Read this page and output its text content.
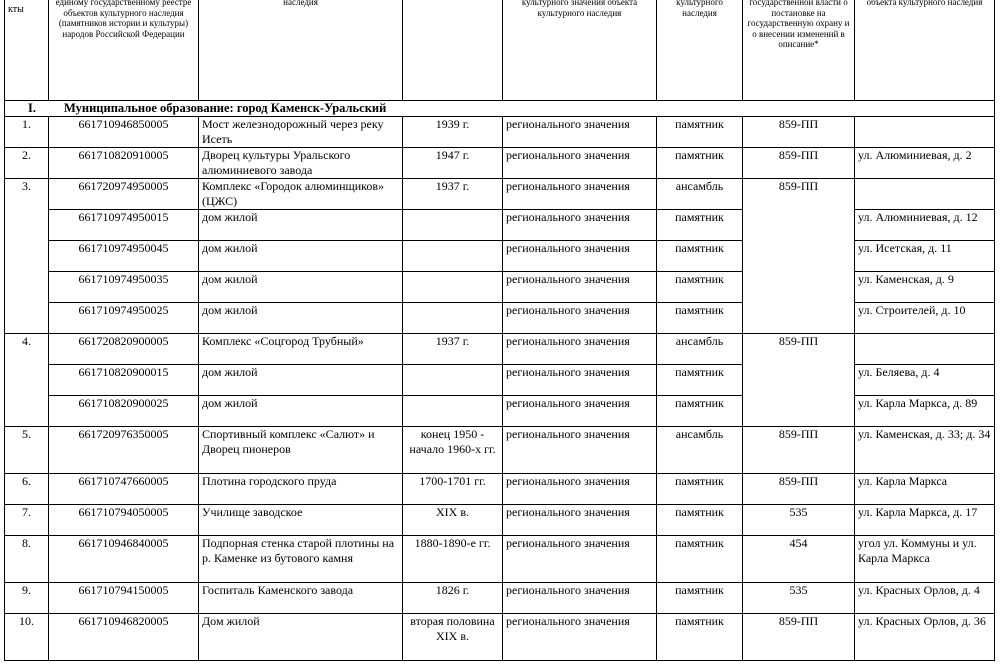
кты	единому государственному реестре объектов культурного наследия (памятников истории и культуры) народов Российской Федерации	наследия		культурного значения объекта культурного наследия	культурного наследия	государственной власти о постановке на государственную охрану и о внесении изменений в описание*	объекта культурного наследия
I. Муниципальное образование: город Каменск-Уральский							
1.	661710946850005	Мост железнодорожный через реку Исеть	1939 г.	регионального значения	памятник	859-ПП	
2.	661710820910005	Дворец культуры Уральского алюминиевого завода	1947 г.	регионального значения	памятник	859-ПП	ул. Алюминиевая, д. 2
3.	661720974950005	Комплекс «Городок алюминщиков» (ЦЖС)	1937 г.	регионального значения	ансамбль	859-ПП	
	661710974950015	дом жилой		регионального значения	памятник		ул. Алюминиевая, д. 12
	661710974950045	дом жилой		регионального значения	памятник		ул. Исетская, д. 11
	661710974950035	дом жилой		регионального значения	памятник		ул. Каменская, д. 9
	661710974950025	дом жилой		регионального значения	памятник		ул. Строителей, д. 10
4.	661720820900005	Комплекс «Соцгород Трубный»	1937 г.	регионального значения	ансамбль	859-ПП	
	661710820900015	дом жилой		регионального значения	памятник		ул. Беляева, д. 4
	661710820900025	дом жилой		регионального значения	памятник		ул. Карла Маркса, д. 89
5.	661720976350005	Спортивный комплекс «Салют» и Дворец пионеров	конец 1950 - начало 1960-х гг.	регионального значения	ансамбль	859-ПП	ул. Каменская, д. 33; д. 34
6.	661710747660005	Плотина городского пруда	1700-1701 гг.	регионального значения	памятник	859-ПП	ул. Карла Маркса
7.	661710794050005	Училище заводское	XIX в.	регионального значения	памятник	535	ул. Карла Маркса, д. 17
8.	661710946840005	Подпорная стенка старой плотины на р. Каменке из бутового камня	1880-1890-е гг.	регионального значения	памятник	454	угол ул. Коммуны и ул. Карла Маркса
9.	661710794150005	Госпиталь Каменского завода	1826 г.	регионального значения	памятник	535	ул. Красных Орлов, д. 4
10.	661710946820005	Дом жилой	вторая половина XIX в.	регионального значения	памятник	859-ПП	ул. Красных Орлов, д. 36
